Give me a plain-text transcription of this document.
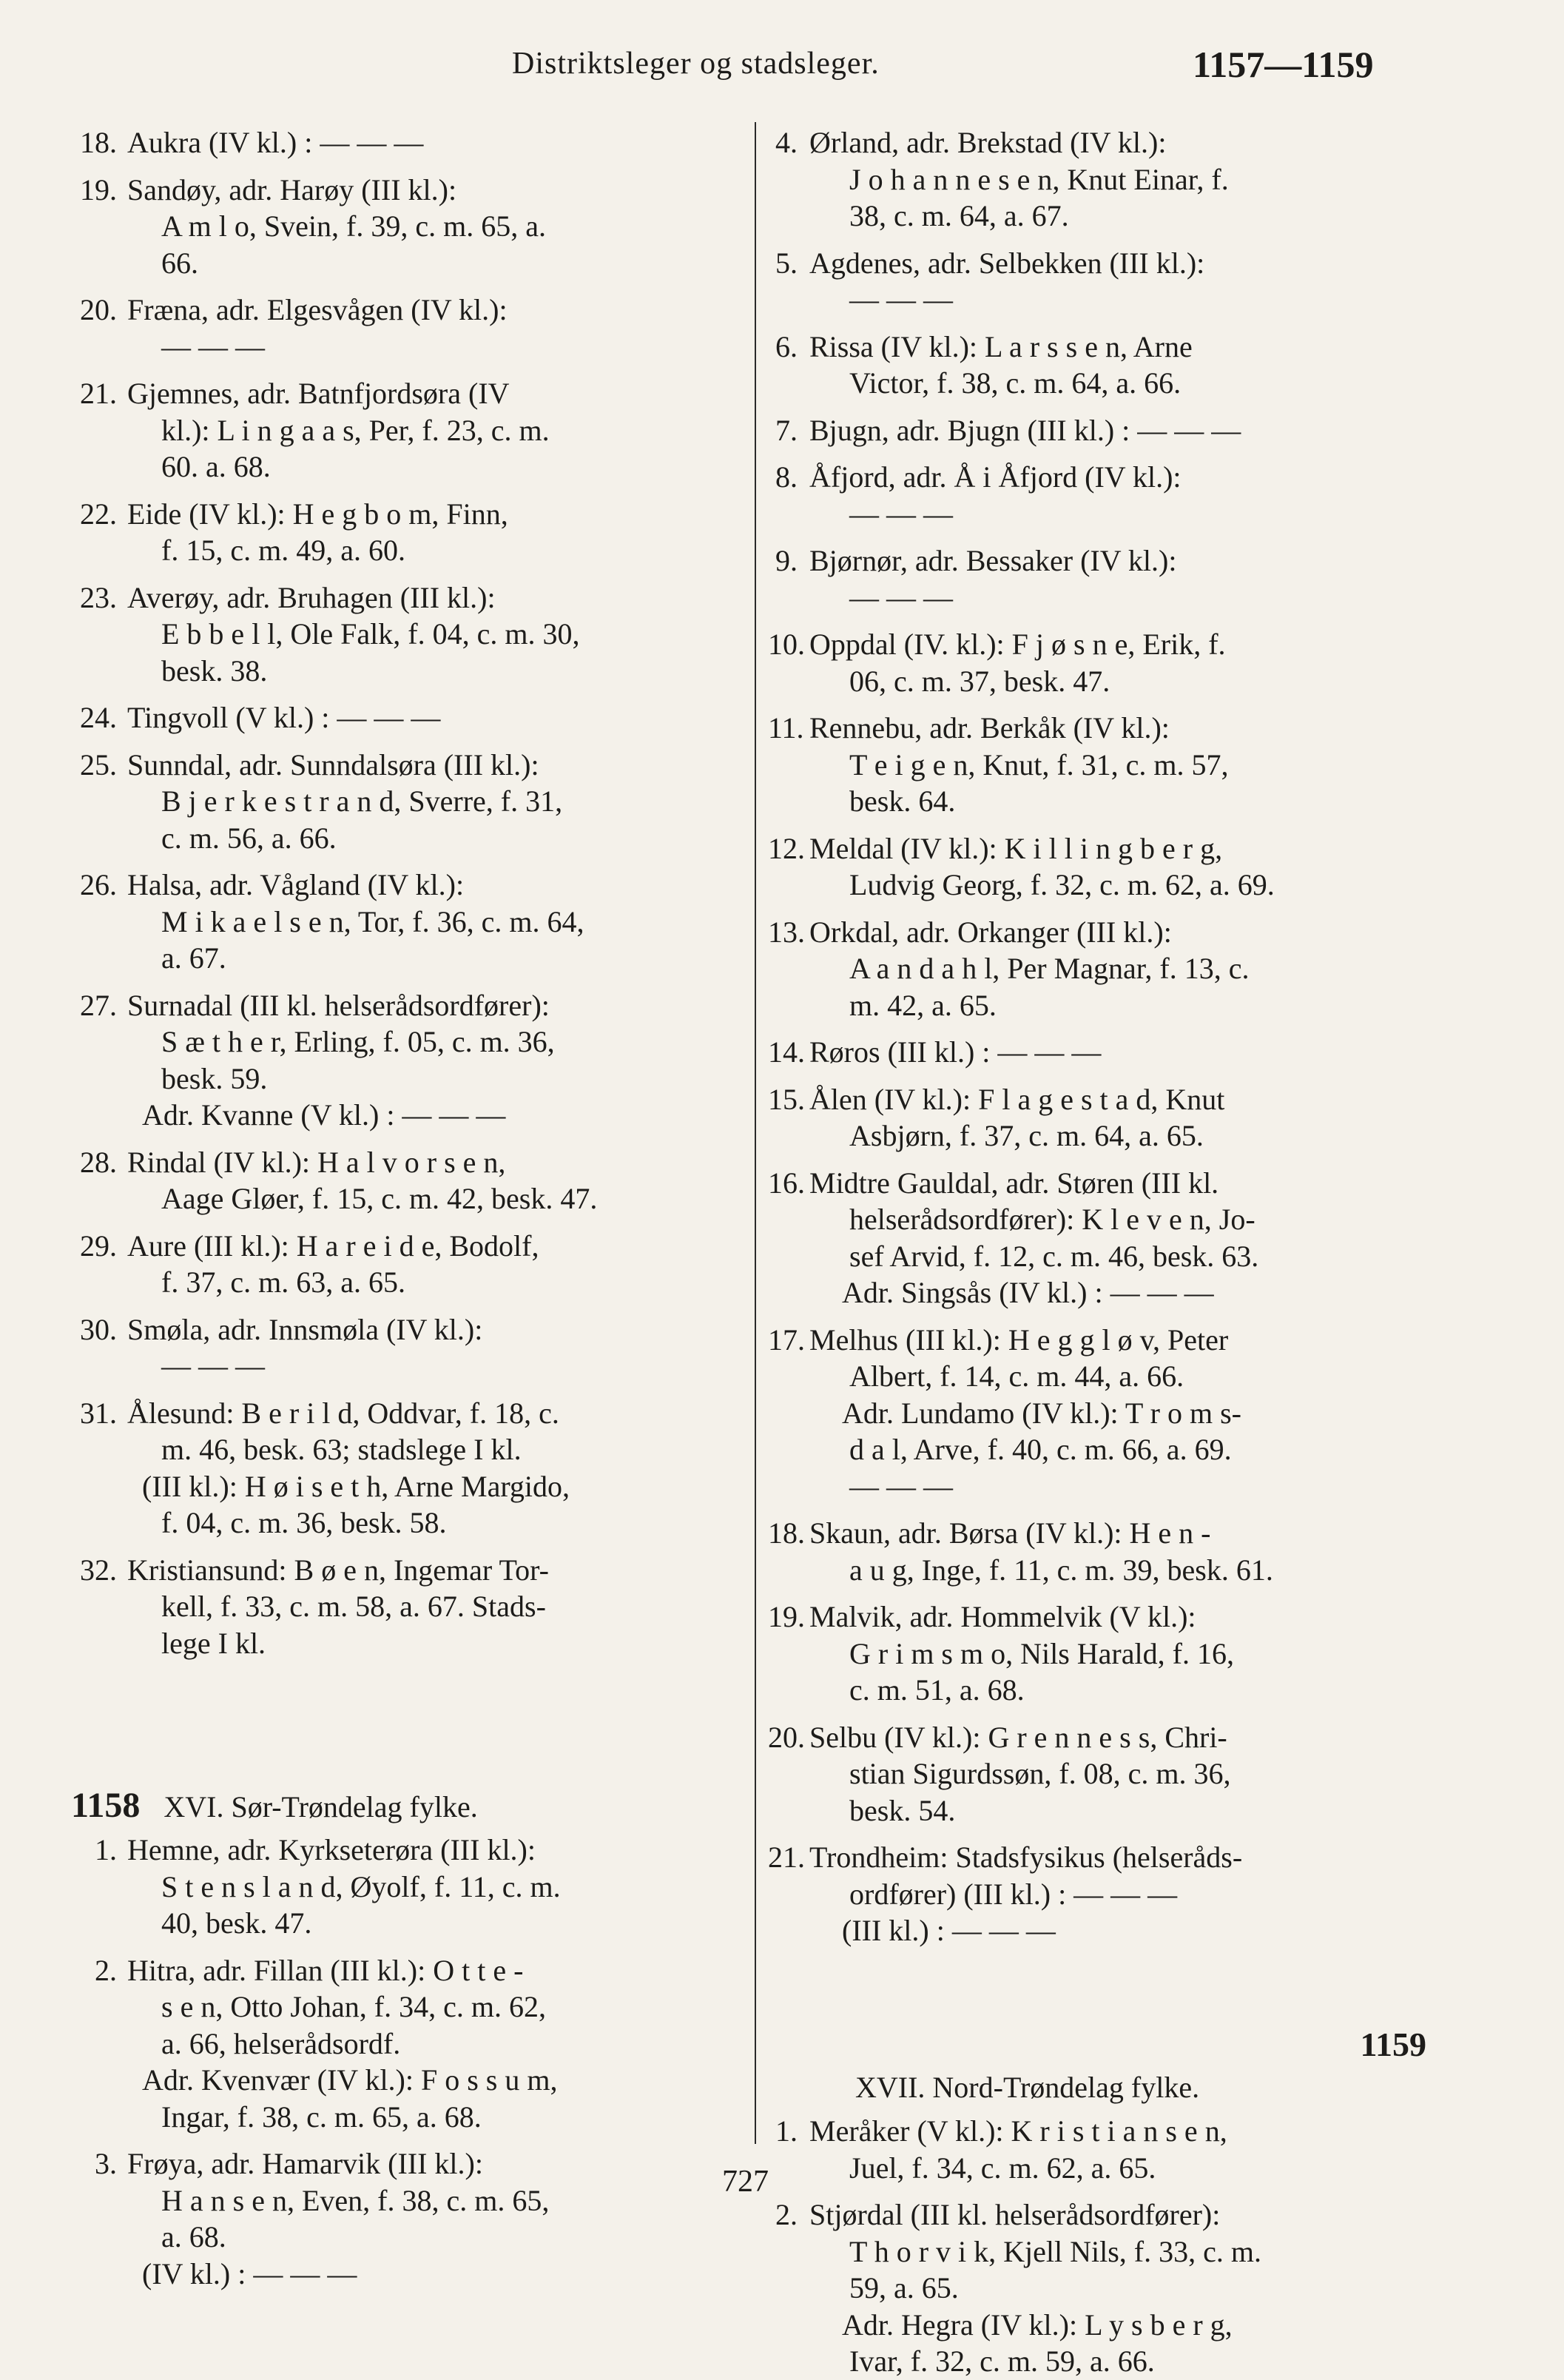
Distriktsleger og stadsleger.	1157—1159
18. Aukra (IV kl.) : — — —
19. Sandøy, adr. Harøy (III kl.):
A m l o, Svein, f. 39, c. m. 65, a.
66.
20. Fræna, adr. Elgesvågen (IV kl.):
— — —
21. Gjemnes, adr. Batnfjordsøra (IV
kl.): L i n g a a s, Per, f. 23, c. m.
60. a. 68.
22. Eide (IV kl.): H e g b o m, Finn,
f. 15, c. m. 49, a. 60.
23. Averøy, adr. Bruhagen (III kl.):
E b b e l l, Ole Falk, f. 04, c. m. 30,
besk. 38.
24. Tingvoll (V kl.) : — — —
25. Sunndal, adr. Sunndalsøra (III kl.):
B j e r k e s t r a n d, Sverre, f. 31,
c. m. 56, a. 66.
26. Halsa, adr. Vågland (IV kl.):
M i k a e l s e n, Tor, f. 36, c. m. 64,
a. 67.
27. Surnadal (III kl. helserådsordfører):
S æ t h e r, Erling, f. 05, c. m. 36,
besk. 59.
Adr. Kvanne (V kl.) : — — —
28. Rindal (IV kl.): H a l v o r s e n,
Aage Gløer, f. 15, c. m. 42, besk. 47.
29. Aure (III kl.): H a r e i d e, Bodolf,
f. 37, c. m. 63, a. 65.
30. Smøla, adr. Innsmøla (IV kl.):
— — —
31. Ålesund: B e r i l d, Oddvar, f. 18, c.
m. 46, besk. 63; stadslege I kl.
(III kl.): H ø i s e t h, Arne Margido,
f. 04, c. m. 36, besk. 58.
32. Kristiansund: B ø e n, Ingemar Tor-
kell, f. 33, c. m. 58, a. 67. Stads-
lege I kl.
1158 XVI. Sør-Trøndelag fylke.
1. Hemne, adr. Kyrkseterøra (III kl.):
S t e n s l a n d, Øyolf, f. 11, c. m.
40, besk. 47.
2. Hitra, adr. Fillan (III kl.): O t t e -
s e n, Otto Johan, f. 34, c. m. 62,
a. 66, helserådsordf.
Adr. Kvenvær (IV kl.): F o s s u m,
Ingar, f. 38, c. m. 65, a. 68.
3. Frøya, adr. Hamarvik (III kl.):
H a n s e n, Even, f. 38, c. m. 65,
a. 68.
(IV kl.) : — — —
4. Ørland, adr. Brekstad (IV kl.):
J o h a n n e s e n, Knut Einar, f.
38, c. m. 64, a. 67.
5. Agdenes, adr. Selbekken (III kl.):
— — —
6. Rissa (IV kl.): L a r s s e n, Arne
Victor, f. 38, c. m. 64, a. 66.
7. Bjugn, adr. Bjugn (III kl.) : — — —
8. Åfjord, adr. Å i Åfjord (IV kl.):
— — —
9. Bjørnør, adr. Bessaker (IV kl.):
— — —
10. Oppdal (IV. kl.): F j ø s n e, Erik, f.
06, c. m. 37, besk. 47.
11. Rennebu, adr. Berkåk (IV kl.):
T e i g e n, Knut, f. 31, c. m. 57,
besk. 64.
12. Meldal (IV kl.): K i l l i n g b e r g,
Ludvig Georg, f. 32, c. m. 62, a. 69.
13. Orkdal, adr. Orkanger (III kl.):
A a n d a h l, Per Magnar, f. 13, c.
m. 42, a. 65.
14. Røros (III kl.) : — — —
15. Ålen (IV kl.): F l a g e s t a d, Knut
Asbjørn, f. 37, c. m. 64, a. 65.
16. Midtre Gauldal, adr. Støren (III kl.
helserådsordfører): K l e v e n, Jo-
sef Arvid, f. 12, c. m. 46, besk. 63.
Adr. Singsås (IV kl.) : — — —
17. Melhus (III kl.): H e g g l ø v, Peter
Albert, f. 14, c. m. 44, a. 66.
Adr. Lundamo (IV kl.): T r o m s-
d a l, Arve, f. 40, c. m. 66, a. 69.
— — —
18. Skaun, adr. Børsa (IV kl.): H e n -
a u g, Inge, f. 11, c. m. 39, besk. 61.
19. Malvik, adr. Hommelvik (V kl.):
G r i m s m o, Nils Harald, f. 16,
c. m. 51, a. 68.
20. Selbu (IV kl.): G r e n n e s s, Chri-
stian Sigurdssøn, f. 08, c. m. 36,
besk. 54.
21. Trondheim: Stadsfysikus (helseråds-
ordfører) (III kl.) : — — —
(III kl.) : — — —
1159
XVII. Nord-Trøndelag fylke.
1. Meråker (V kl.): K r i s t i a n s e n,
Juel, f. 34, c. m. 62, a. 65.
2. Stjørdal (III kl. helserådsordfører):
T h o r v i k, Kjell Nils, f. 33, c. m.
59, a. 65.
Adr. Hegra (IV kl.): L y s b e r g,
Ivar, f. 32, c. m. 59, a. 66.
727
